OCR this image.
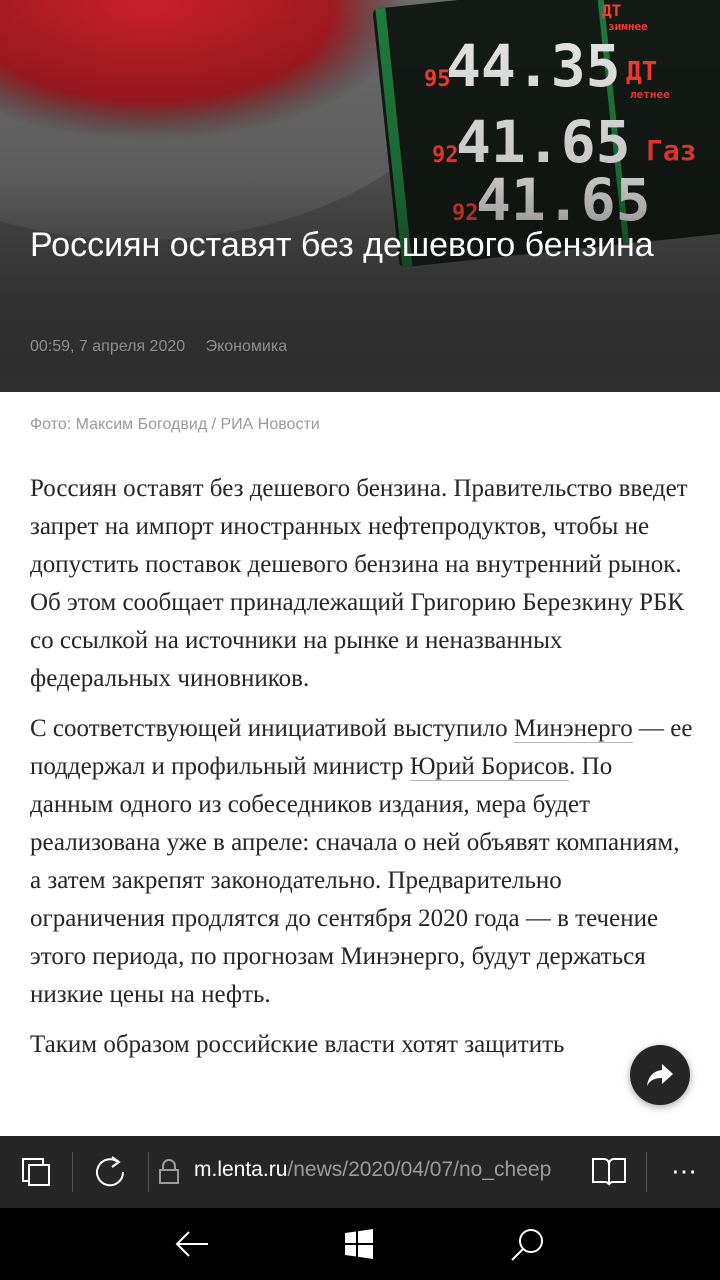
Россиян оставят без дешевого бензина
00:59, 7 апреля 2020 Экономика
Фото: Максим Богодвид / РИА Новости

Россиян оставят без дешевого бензина. Правительство введет запрет на импорт иностранных нефтепродуктов, чтобы не допустить поставок дешевого бензина на внутренний рынок. Об этом сообщает принадлежащий Григорию Березкину РБК со ссылкой на источники на рынке и неназванных федеральных чиновников.

С соответствующей инициативой выступило Минэнерго — ее поддержал и профильный министр Юрий Борисов. По данным одного из собеседников издания, мера будет реализована уже в апреле: сначала о ней объявят компаниям, а затем закрепят законодательно. Предварительно ограничения продлятся до сентября 2020 года — в течение этого периода, по прогнозам Минэнерго, будут держаться низкие цены на нефть.

Таким образом российские власти хотят защитить

m.lenta.ru/news/2020/04/07/no_cheep	⋯
